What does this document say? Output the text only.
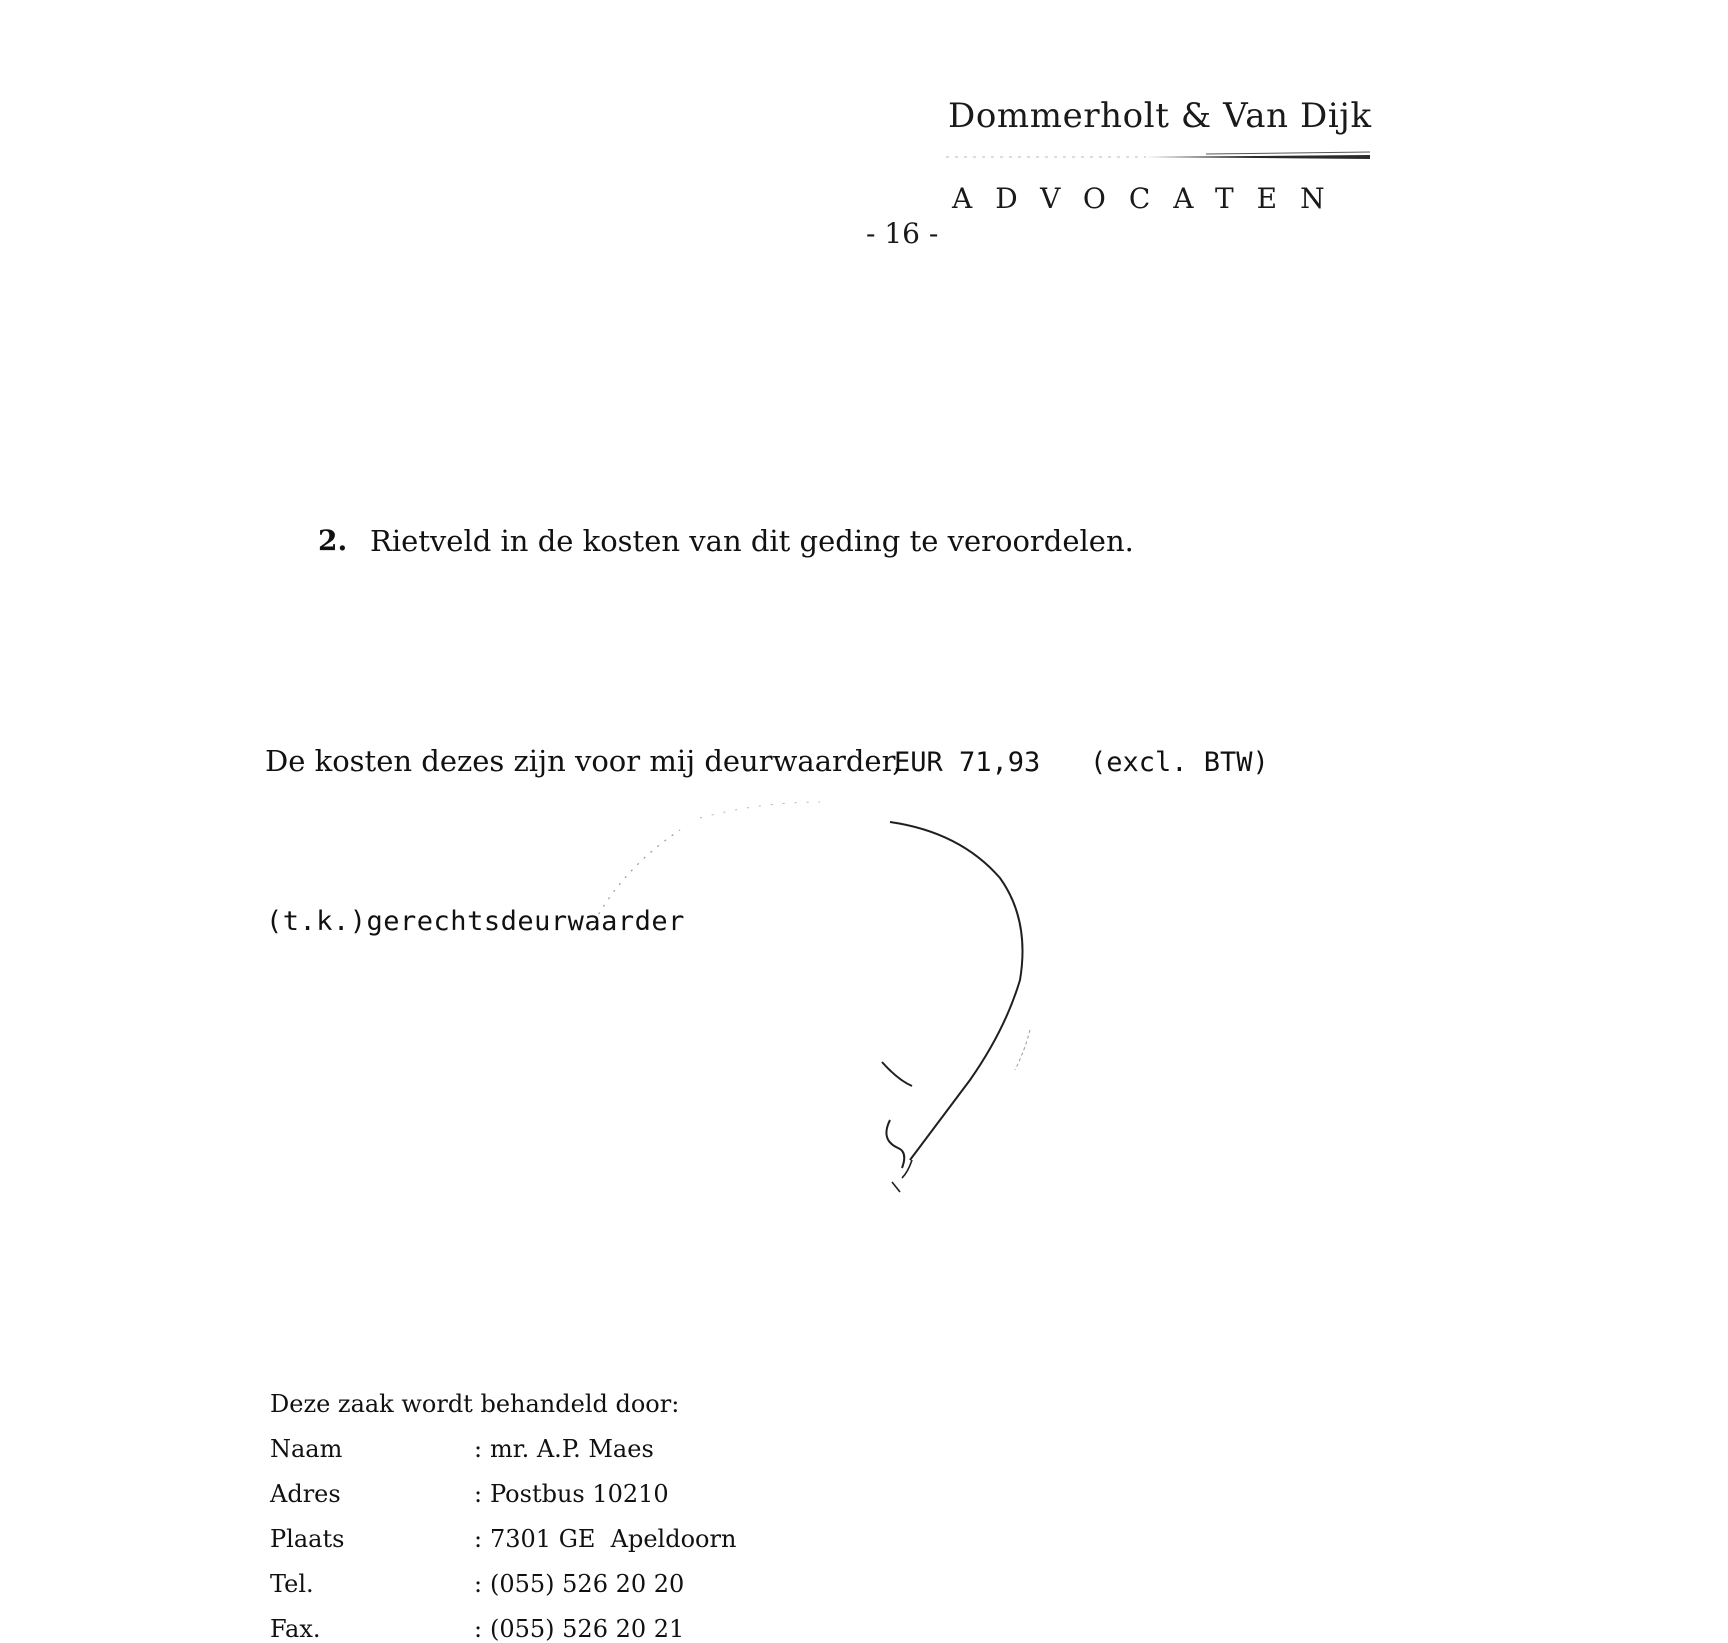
Dommerholt & Van Dijk
ADVOCATEN
- 16 -
2. Rietveld in de kosten van dit geding te veroordelen.
De kosten dezes zijn voor mij deurwaarder,
EUR 71,93 (excl. BTW)
(t.k.)gerechtsdeurwaarder
Deze zaak wordt behandeld door:
Naam	: mr. A.P. Maes
Adres	: Postbus 10210
Plaats	: 7301 GE  Apeldoorn
Tel.	: (055) 526 20 20
Fax.	: (055) 526 20 21
